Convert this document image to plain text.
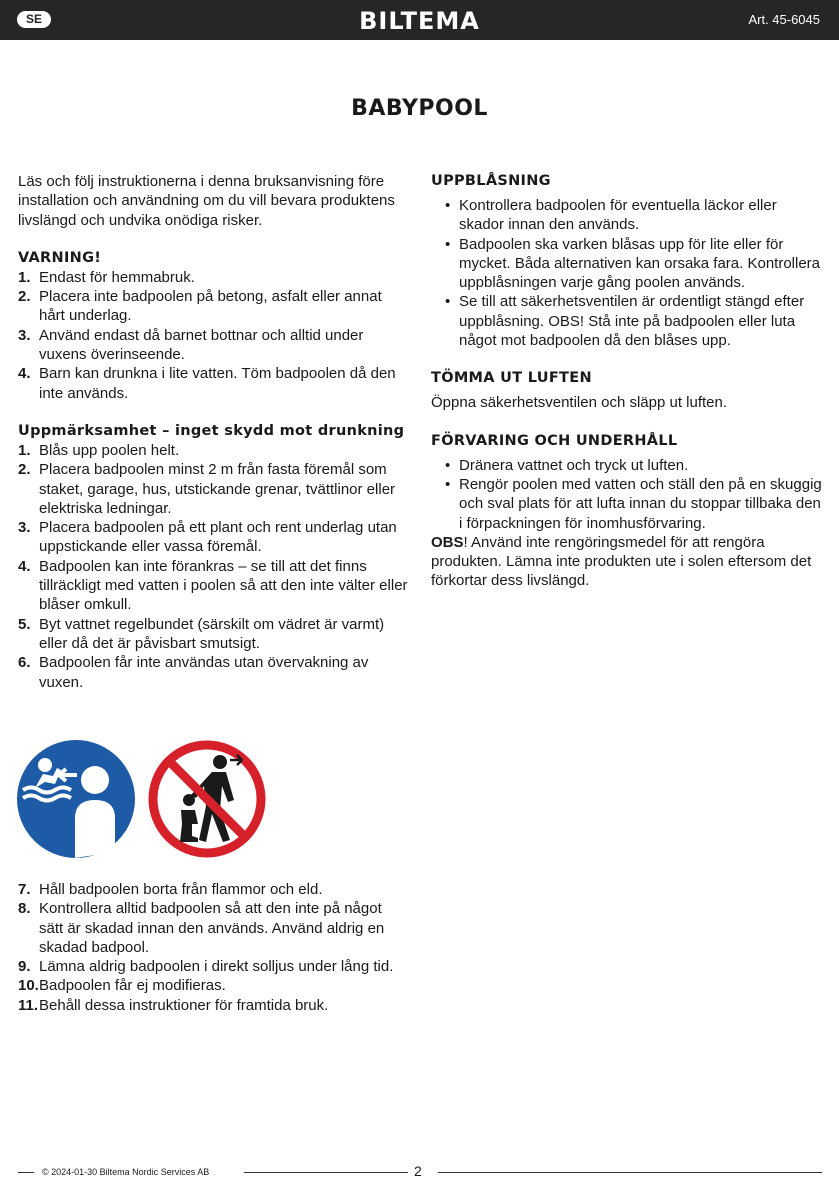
SE	BILTEMA	Art. 45-6045
BABYPOOL

Läs och följ instruktionerna i denna bruksanvisning före installation och användning om du vill bevara produktens livslängd och undvika onödiga risker.

VARNING!
1. Endast för hemmabruk.
2. Placera inte badpoolen på betong, asfalt eller annat hårt underlag.
3. Använd endast då barnet bottnar och alltid under vuxens överinseende.
4. Barn kan drunkna i lite vatten. Töm badpoolen då den inte används.
Uppmärksamhet – inget skydd mot drunkning
1. Blås upp poolen helt.
2. Placera badpoolen minst 2 m från fasta föremål som staket, garage, hus, utstickande grenar, tvättlinor eller elektriska ledningar.
3. Placera badpoolen på ett plant och rent underlag utan uppstickande eller vassa föremål.
4. Badpoolen kan inte förankras – se till att det finns tillräckligt med vatten i poolen så att den inte välter eller blåser omkull.
5. Byt vattnet regelbundet (särskilt om vädret är varmt) eller då det är påvisbart smutsigt.
6. Badpoolen får inte användas utan övervakning av vuxen.
7. Håll badpoolen borta från flammor och eld.
8. Kontrollera alltid badpoolen så att den inte på något sätt är skadad innan den används. Använd aldrig en skadad badpool.
9. Lämna aldrig badpoolen i direkt solljus under lång tid.
10. Badpoolen får ej modifieras.
11. Behåll dessa instruktioner för framtida bruk.
UPPBLÅSNING
• Kontrollera badpoolen för eventuella läckor eller skador innan den används.
• Badpoolen ska varken blåsas upp för lite eller för mycket. Båda alternativen kan orsaka fara. Kontrollera uppblåsningen varje gång poolen används.
• Se till att säkerhetsventilen är ordentligt stängd efter uppblåsning. OBS! Stå inte på badpoolen eller luta något mot badpoolen då den blåses upp.
TÖMMA UT LUFTEN

Öppna säkerhetsventilen och släpp ut luften.

FÖRVARING OCH UNDERHÅLL
• Dränera vattnet och tryck ut luften.
• Rengör poolen med vatten och ställ den på en skuggig och sval plats för att lufta innan du stoppar tillbaka den i förpackningen för inomhusförvaring.

OBS! Använd inte rengöringsmedel för att rengöra produkten. Lämna inte produkten ute i solen eftersom det förkortar dess livslängd.

© 2024-01-30 Biltema Nordic Services AB	2
